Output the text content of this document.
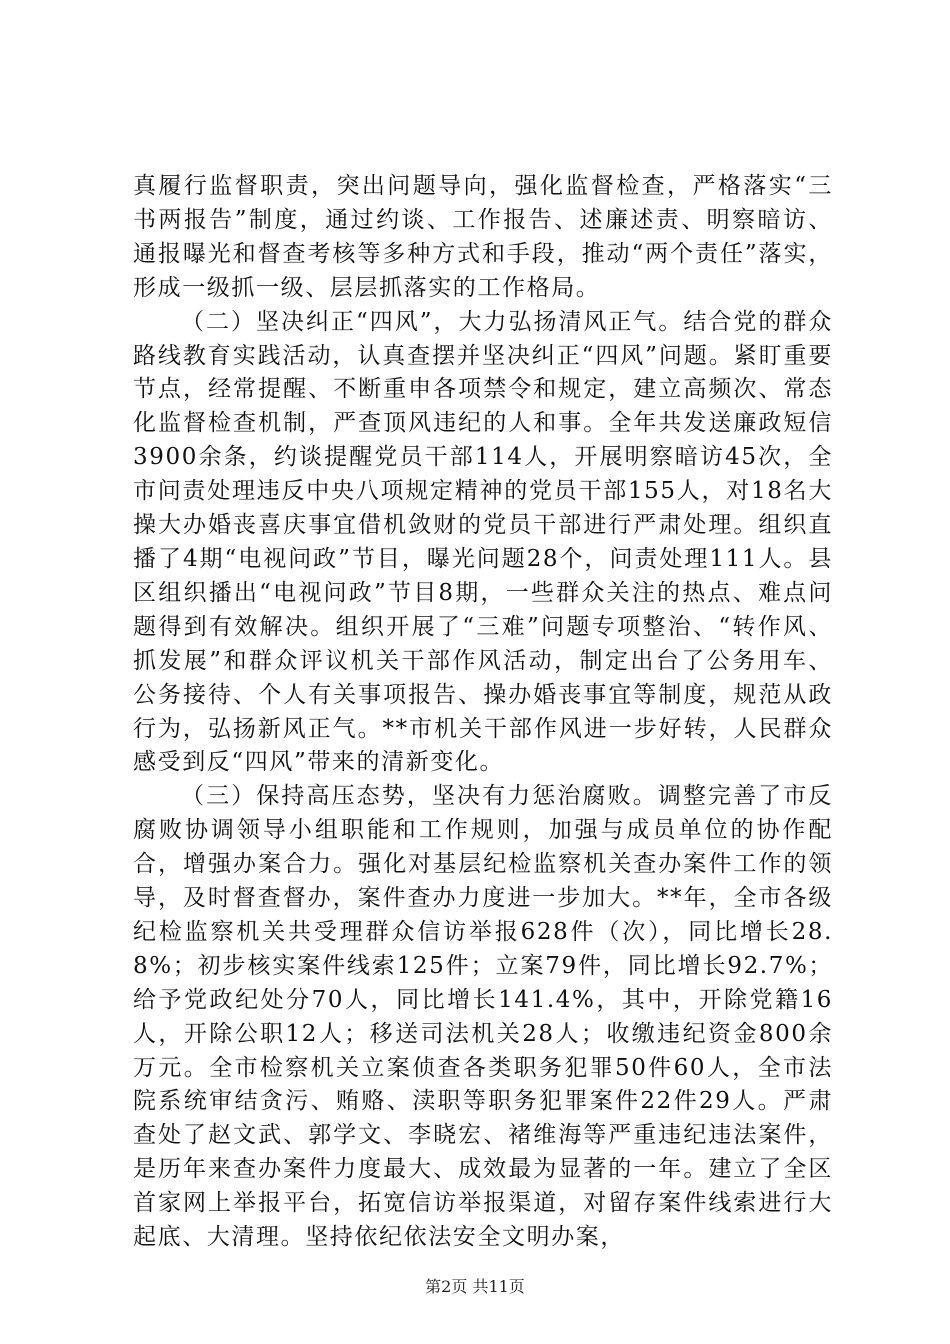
真履行监督职责，突出问题导向，强化监督检查，严格落实“三书两报告”制度，通过约谈、工作报告、述廉述责、明察暗访、通报曝光和督查考核等多种方式和手段，推动“两个责任”落实，形成一级抓一级、层层抓落实的工作格局。

（二）坚决纠正“四风”，大力弘扬清风正气。结合党的群众路线教育实践活动，认真查摆并坚决纠正“四风”问题。紧盯重要节点，经常提醒、不断重申各项禁令和规定，建立高频次、常态化监督检查机制，严查顶风违纪的人和事。全年共发送廉政短信3900余条，约谈提醒党员干部114人，开展明察暗访45次，全市问责处理违反中央八项规定精神的党员干部155人，对18名大操大办婚丧喜庆事宜借机敛财的党员干部进行严肃处理。组织直播了4期“电视问政”节目，曝光问题28个，问责处理111人。县区组织播出“电视问政”节目8期，一些群众关注的热点、难点问题得到有效解决。组织开展了“三难”问题专项整治、“转作风、抓发展”和群众评议机关干部作风活动，制定出台了公务用车、公务接待、个人有关事项报告、操办婚丧事宜等制度，规范从政行为，弘扬新风正气。**市机关干部作风进一步好转，人民群众感受到反“四风”带来的清新变化。

（三）保持高压态势，坚决有力惩治腐败。调整完善了市反腐败协调领导小组职能和工作规则，加强与成员单位的协作配合，增强办案合力。强化对基层纪检监察机关查办案件工作的领导，及时督查督办，案件查办力度进一步加大。**年，全市各级纪检监察机关共受理群众信访举报628件（次），同比增长28.8%；初步核实案件线索125件；立案79件，同比增长92.7%；给予党政纪处分70人，同比增长141.4%，其中，开除党籍16人，开除公职12人；移送司法机关28人；收缴违纪资金800余万元。全市检察机关立案侦查各类职务犯罪50件60人，全市法院系统审结贪污、贿赂、渎职等职务犯罪案件22件29人。严肃查处了赵文武、郭学文、李晓宏、褚维海等严重违纪违法案件，是历年来查办案件力度最大、成效最为显著的一年。建立了全区首家网上举报平台，拓宽信访举报渠道，对留存案件线索进行大起底、大清理。坚持依纪依法安全文明办案，

第2页 共11页
